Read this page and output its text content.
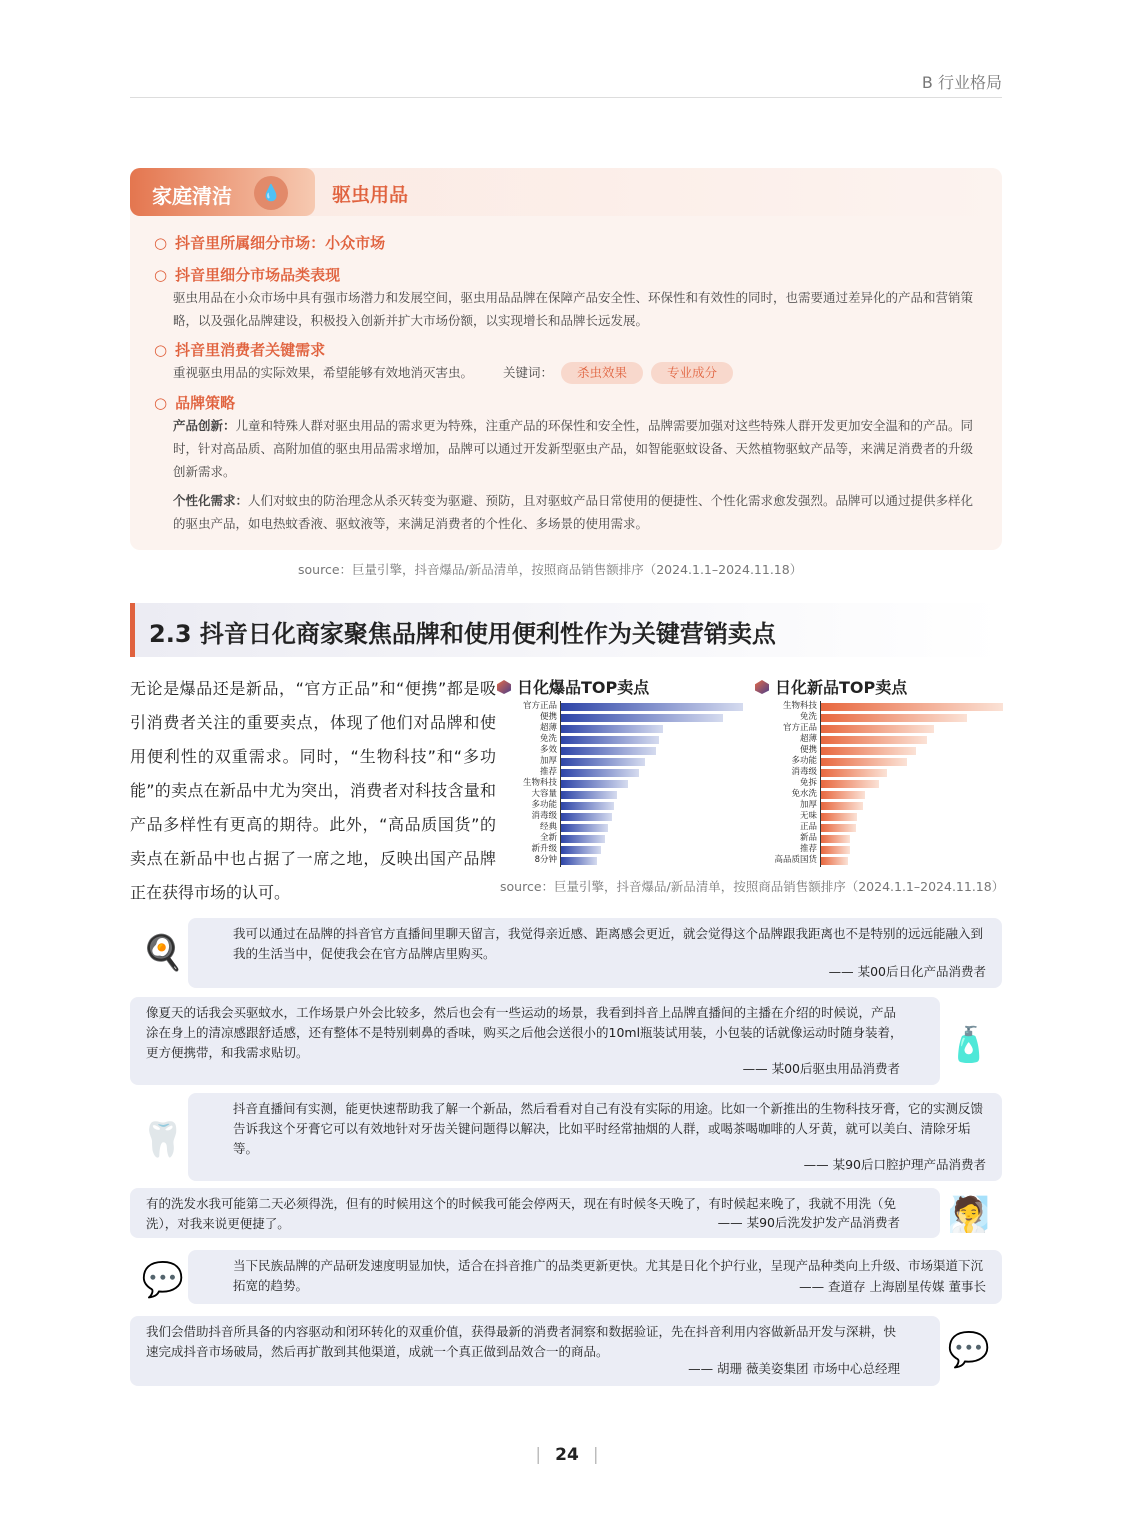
B 行业格局
家庭清洁	💧	驱虫用品
○ 抖音里所属细分市场：小众市场
○ 抖音里细分市场品类表现
驱虫用品在小众市场中具有强市场潜力和发展空间，驱虫用品品牌在保障产品安全性、环保性和有效性的同时，也需要通过差异化的产品和营销策略，以及强化品牌建设，积极投入创新并扩大市场份额，以实现增长和品牌长远发展。
○ 抖音里消费者关键需求
重视驱虫用品的实际效果，希望能够有效地消灭害虫。 关键词： 杀虫效果	专业成分
○ 品牌策略
产品创新：儿童和特殊人群对驱虫用品的需求更为特殊，注重产品的环保性和安全性，品牌需要加强对这些特殊人群开发更加安全温和的产品。同时，针对高品质、高附加值的驱虫用品需求增加，品牌可以通过开发新型驱虫产品，如智能驱蚊设备、天然植物驱蚊产品等，来满足消费者的升级创新需求。
个性化需求：人们对蚊虫的防治理念从杀灭转变为驱避、预防，且对驱蚊产品日常使用的便捷性、个性化需求愈发强烈。品牌可以通过提供多样化的驱虫产品，如电热蚊香液、驱蚊液等，来满足消费者的个性化、多场景的使用需求。
source：巨量引擎，抖音爆品/新品清单，按照商品销售额排序（2024.1.1–2024.11.18）
2.3 抖音日化商家聚焦品牌和使用便利性作为关键营销卖点
无论是爆品还是新品，“官方正品”和“便携”都是吸引消费者关注的重要卖点，体现了他们对品牌和使用便利性的双重需求。同时，“生物科技”和“多功能”的卖点在新品中尤为突出，消费者对科技含量和产品多样性有更高的期待。此外，“高品质国货”的卖点在新品中也占据了一席之地，反映出国产品牌正在获得市场的认可。
日化爆品TOP卖点	日化新品TOP卖点
官方正品
便携
超薄
免洗
多效
加厚
推荐
生物科技
大容量
多功能
消毒级
经典
全新
新升级
8分钟
生物科技
免洗
官方正品
超薄
便携
多功能
消毒级
免拆
免水洗
加厚
无味
正品
新品
推荐
高品质国货
source：巨量引擎，抖音爆品/新品清单，按照商品销售额排序（2024.1.1–2024.11.18）
我可以通过在品牌的抖音官方直播间里聊天留言，我觉得亲近感、距离感会更近，就会觉得这个品牌跟我距离也不是特别的远远能融入到我的生活当中，促使我会在官方品牌店里购买。
—— 某00后日化产品消费者
🍳
像夏天的话我会买驱蚊水，工作场景户外会比较多，然后也会有一些运动的场景，我看到抖音上品牌直播间的主播在介绍的时候说，产品涂在身上的清凉感跟舒适感，还有整体不是特别刺鼻的香味，购买之后他会送很小的10ml瓶装试用装，小包装的话就像运动时随身装着，更方便携带，和我需求贴切。
—— 某00后驱虫用品消费者
🧴
抖音直播间有实测，能更快速帮助我了解一个新品，然后看看对自己有没有实际的用途。比如一个新推出的生物科技牙膏，它的实测反馈告诉我这个牙膏它可以有效地针对牙齿关键问题得以解决，比如平时经常抽烟的人群，或喝茶喝咖啡的人牙黄，就可以美白、清除牙垢等。
—— 某90后口腔护理产品消费者
🦷
有的洗发水我可能第二天必须得洗，但有的时候用这个的时候我可能会停两天，现在有时候冬天晚了，有时候起来晚了，我就不用洗（免洗），对我来说更便捷了。	—— 某90后洗发护发产品消费者 🧖
当下民族品牌的产品研发速度明显加快，适合在抖音推广的品类更新更快。尤其是日化个护行业，呈现产品种类向上升级、市场渠道下沉拓宽的趋势。	—— 查道存 上海剧星传媒 董事长
💬
我们会借助抖音所具备的内容驱动和闭环转化的双重价值，获得最新的消费者洞察和数据验证，先在抖音利用内容做新品开发与深耕，快速完成抖音市场破局，然后再扩散到其他渠道，成就一个真正做到品效合一的商品。
—— 胡珊 薇美姿集团 市场中心总经理 💬
| 24 |
